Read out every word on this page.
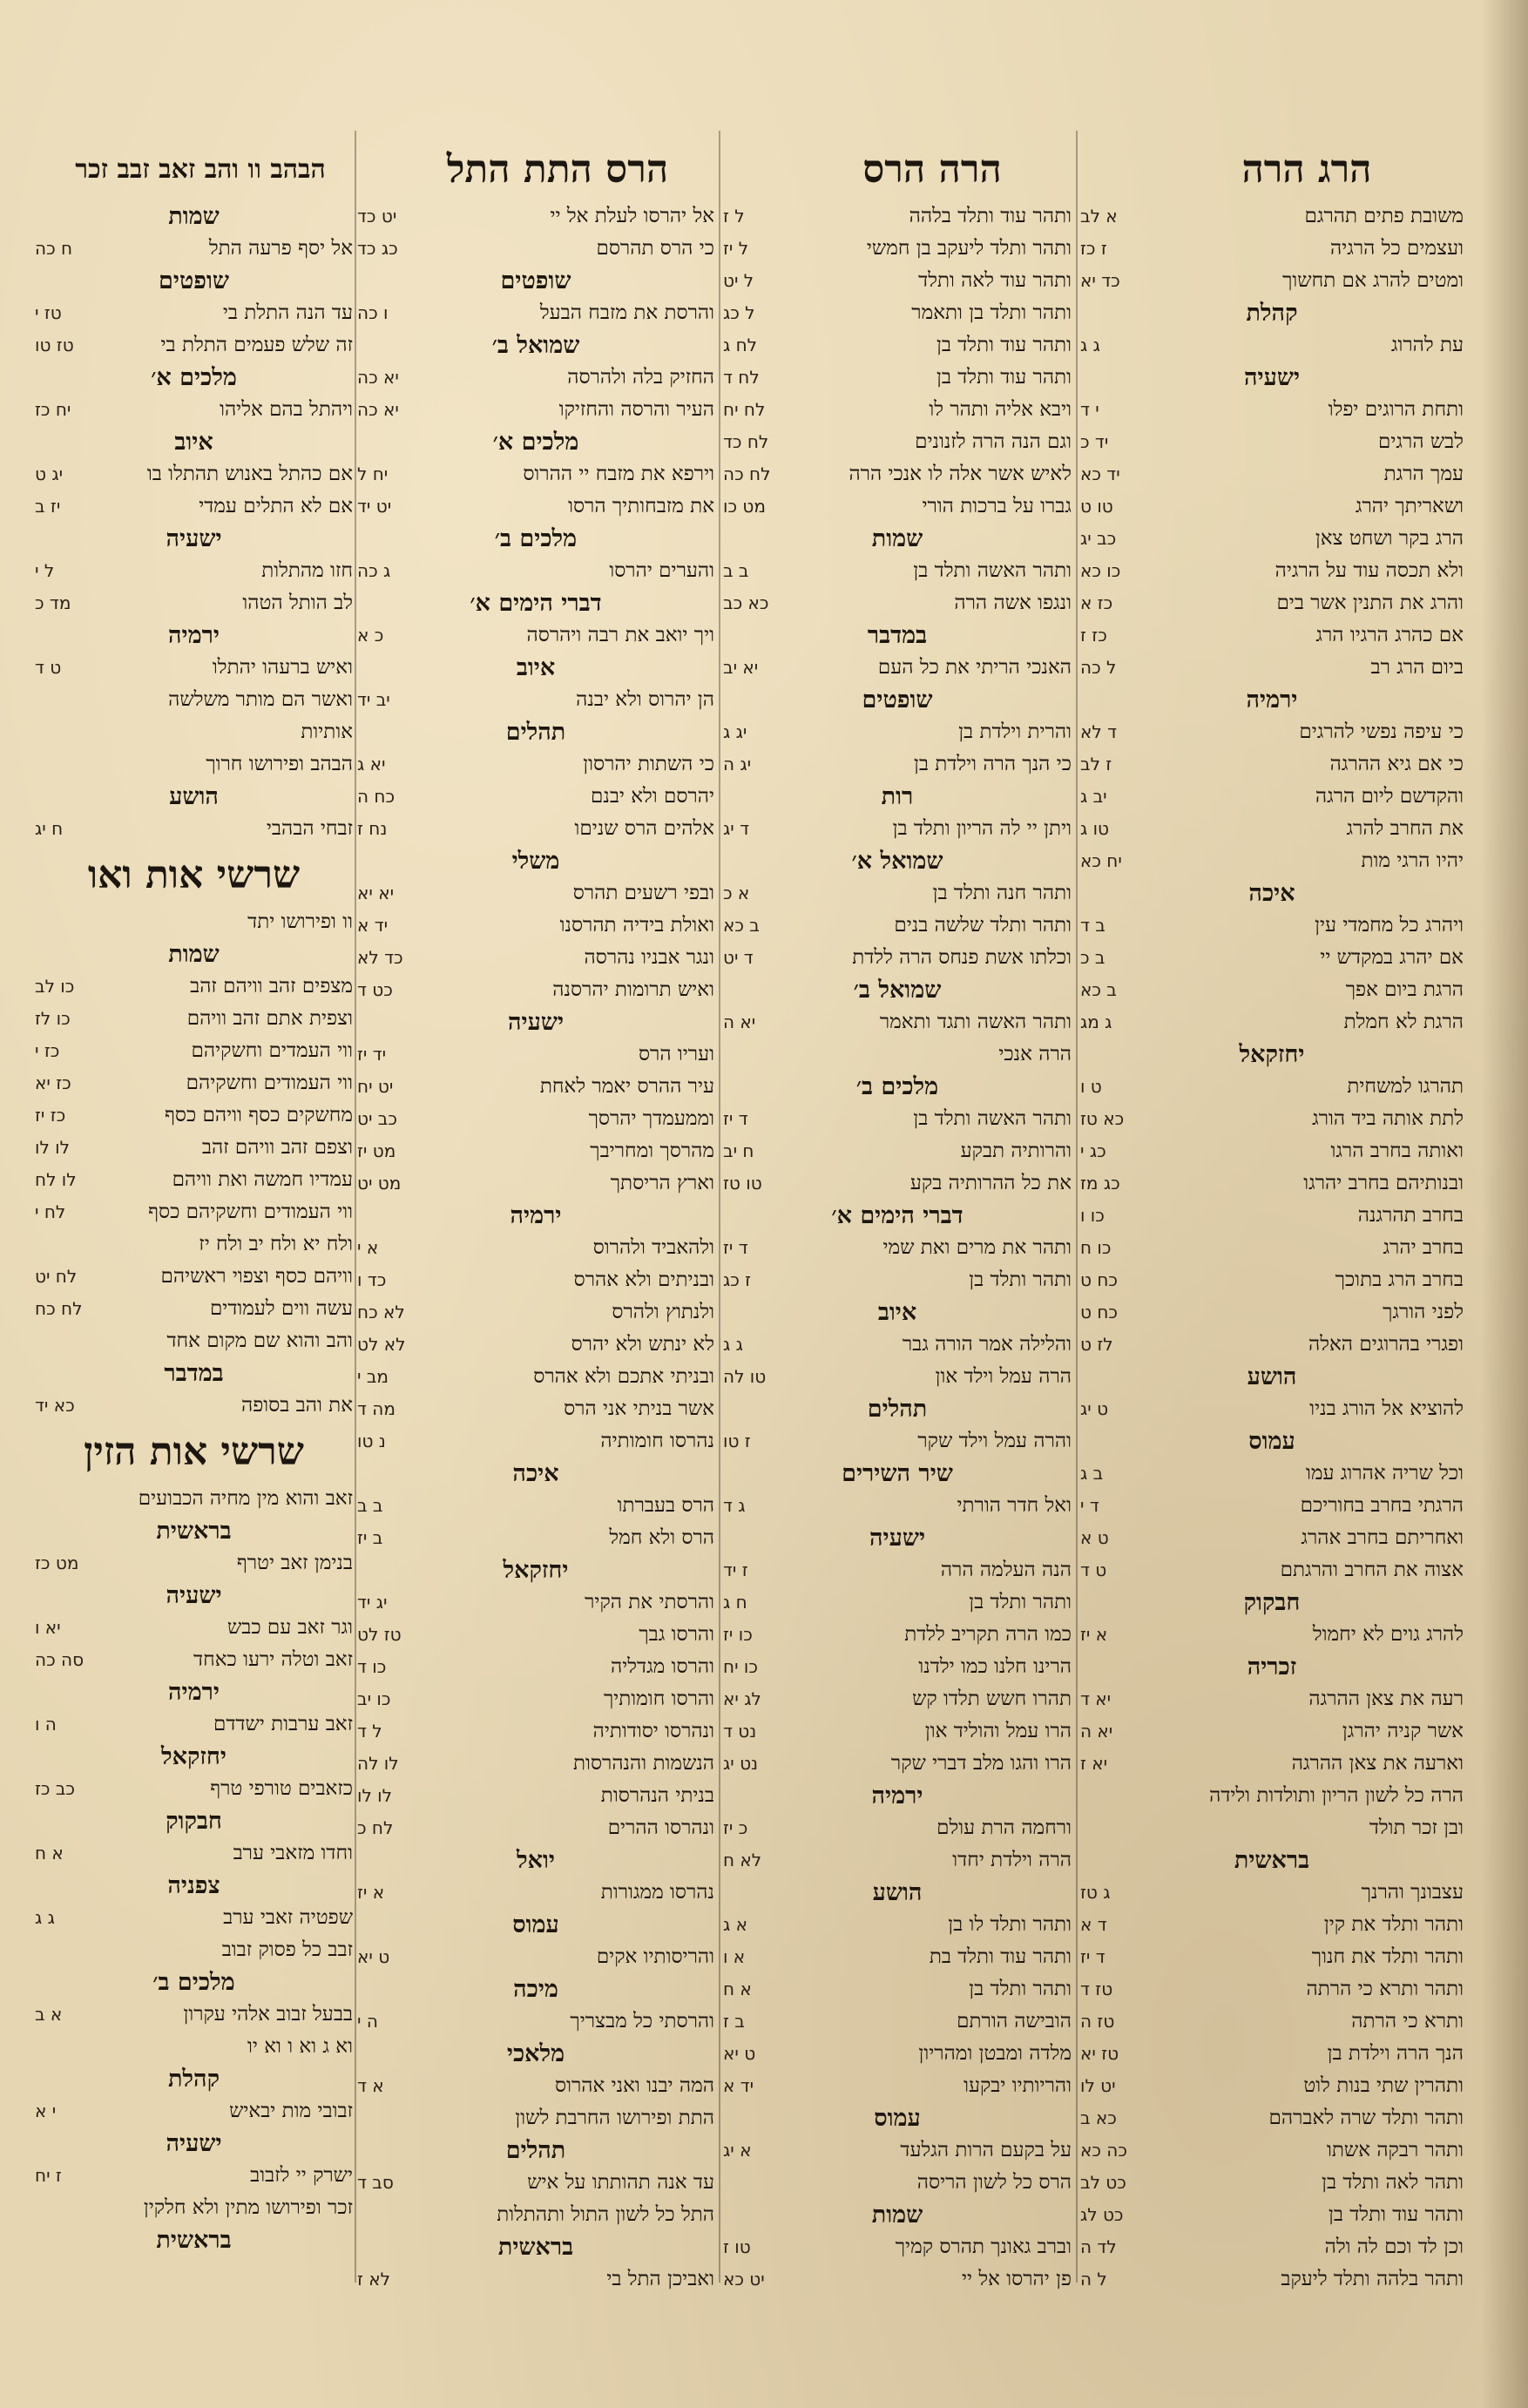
הרג הרה
הרה הרס
הרס התת התל
הבהב וו והב זאב זבב זכר
משובת פתים תהרגם
א לב
ועצמים כל הרגיה
ז כז
ומטים להרג אם תחשוך
כד יא
קהלת
עת להרוג
ג ג
ישעיה
ותחת הרוגים יפלו
י ד
לבש הרגים
יד כ
עמך הרגת
יד כא
ושאריתך יהרג
טו ט
הרג בקר ושחט צאן
כב יג
ולא תכסה עוד על הרגיה
כו כא
והרג את התנין אשר בים
כז א
אם כהרג הרגיו הרג
כז ז
ביום הרג רב
ל כה
ירמיה
כי עיפה נפשי להרגים
ד לא
כי אם גיא ההרגה
ז לב
והקדשם ליום הרגה
יב ג
את החרב להרג
טו ג
יהיו הרגי מות
יח כא
איכה
ויהרג כל מחמדי עין
ב ד
אם יהרג במקדש יי
ב כ
הרגת ביום אפך
ב כא
הרגת לא חמלת
ג מג
יחזקאל
תהרגו למשחית
ט ו
לתת אותה ביד הורג
כא טז
ואותה בחרב הרגו
כג י
ובנותיהם בחרב יהרגו
כג מז
בחרב תהרגנה
כו ו
בחרב יהרג
כו ח
בחרב הרג בתוכך
כח ט
לפני הורגך
כח ט
ופגרי בהרוגים האלה
לז ט
הושע
להוציא אל הורג בניו
ט יג
עמוס
וכל שריה אהרוג עמו
ב ג
הרגתי בחרב בחוריכם
ד י
ואחריתם בחרב אהרג
ט א
אצוה את החרב והרגתם
ט ד
חבקוק
להרג גוים לא יחמול
א יז
זכריה
רעה את צאן ההרגה
יא ד
אשר קניה יהרגן
יא ה
וארעה את צאן ההרגה
יא ז
הרה כל לשון הריון ותולדות ולידה
ובן זכר תולד
בראשית
עצבונך והרנך
ג טז
ותהר ותלד את קין
ד א
ותהר ותלד את חנוך
ד יז
ותהר ותרא כי הרתה
טז ד
ותרא כי הרתה
טז ה
הנך הרה וילדת בן
טז יא
ותהרין שתי בנות לוט
יט לו
ותהר ותלד שרה לאברהם
כא ב
ותהר רבקה אשתו
כה כא
ותהר לאה ותלד בן
כט לב
ותהר עוד ותלד בן
כט לג
וכן לד וכם לה ולה
לד ה
ותהר בלהה ותלד ליעקב
ל ה
ותהר עוד ותלד בלהה
ל ז
ותהר ותלד ליעקב בן חמשי
ל יז
ותהר עוד לאה ותלד
ל יט
ותהר ותלד בן ותאמר
ל כג
ותהר עוד ותלד בן
לח ג
ותהר עוד ותלד בן
לח ד
ויבא אליה ותהר לו
לח יח
וגם הנה הרה לזנונים
לח כד
לאיש אשר אלה לו אנכי הרה
לח כה
גברו על ברכות הורי
מט כו
שמות
ותהר האשה ותלד בן
ב ב
ונגפו אשה הרה
כא כב
במדבר
האנכי הריתי את כל העם
יא יב
שופטים
והרית וילדת בן
יג ג
כי הנך הרה וילדת בן
יג ה
רות
ויתן יי לה הריון ותלד בן
ד יג
שמואל א׳
ותהר חנה ותלד בן
א כ
ותהר ותלד שלשה בנים
ב כא
וכלתו אשת פנחס הרה ללדת
ד יט
שמואל ב׳
ותהר האשה ותגד ותאמר
יא ה
הרה אנכי
מלכים ב׳
ותהר האשה ותלד בן
ד יז
והרותיה תבקע
ח יב
את כל ההרותיה בקע
טו טז
דברי הימים א׳
ותהר את מרים ואת שמי
ד יז
ותהר ותלד בן
ז כג
איוב
והלילה אמר הורה גבר
ג ג
הרה עמל וילד און
טו לה
תהלים
והרה עמל וילד שקר
ז טו
שיר השירים
ואל חדר הורתי
ג ד
ישעיה
הנה העלמה הרה
ז יד
ותהר ותלד בן
ח ג
כמו הרה תקריב ללדת
כו יז
הרינו חלנו כמו ילדנו
כו יח
תהרו חשש תלדו קש
לג יא
הרו עמל והוליד און
נט ד
הרו והגו מלב דברי שקר
נט יג
ירמיה
ורחמה הרת עולם
כ יז
הרה וילדת יחדו
לא ח
הושע
ותהר ותלד לו בן
א ג
ותהר עוד ותלד בת
א ו
ותהר ותלד בן
א ח
הובישה הורתם
ב ז
מלדה ומבטן ומהריון
ט יא
והריותיו יבקעו
יד א
עמוס
על בקעם הרות הגלעד
א יג
הרס כל לשון הריסה
שמות
וברב גאונך תהרס קמיך
טו ז
פן יהרסו אל יי
יט כא
אל יהרסו לעלת אל יי
יט כד
כי הרס תהרסם
כג כד
שופטים
והרסת את מזבח הבעל
ו כה
שמואל ב׳
החזיק בלה ולהרסה
יא כה
העיר והרסה והחזיקו
יא כה
מלכים א׳
וירפא את מזבח יי ההרוס
יח ל
את מזבחותיך הרסו
יט יד
מלכים ב׳
והערים יהרסו
ג כה
דברי הימים א׳
ויך יואב את רבה ויהרסה
כ א
איוב
הן יהרוס ולא יבנה
יב יד
תהלים
כי השתות יהרסון
יא ג
יהרסם ולא יבנם
כח ה
אלהים הרס שניםו
נח ז
משלי
ובפי רשעים תהרס
יא יא
ואולת בידיה תהרסנו
יד א
ונגר אבניו נהרסה
כד לא
ואיש תרומות יהרסנה
כט ד
ישעיה
ועריו הרס
יד יז
עיר ההרס יאמר לאחת
יט יח
וממעמדך יהרסך
כב יט
מהרסך ומחריבך
מט יז
וארץ הריסתך
מט יט
ירמיה
ולהאביד ולהרוס
א י
ובניתים ולא אהרס
כד ו
ולנתוץ ולהרס
לא כח
לא ינתש ולא יהרס
לא לט
ובניתי אתכם ולא אהרס
מב י
אשר בניתי אני הרס
מה ד
נהרסו חומותיה
נ טו
איכה
הרס בעברתו
ב ב
הרס ולא חמל
ב יז
יחזקאל
והרסתי את הקיר
יג יד
והרסו גבך
טז לט
והרסו מגדליה
כו ד
והרסו חומותיך
כו יב
ונהרסו יסודותיה
ל ד
הנשמות והנהרסות
לו לה
בניתי הנהרסות
לו לו
ונהרסו ההרים
לח כ
יואל
נהרסו ממגורות
א יז
עמוס
והריסותיו אקים
ט יא
מיכה
והרסתי כל מבצריך
ה י
מלאכי
המה יבנו ואני אהרוס
א ד
התת ופירושו החרבת לשון
תהלים
עד אנה תהותתו על איש
סב ד
התל כל לשון התול ותהתלות
בראשית
ואביכן התל בי
לא ז
שמות
אל יסף פרעה התל
ח כה
שופטים
עד הנה התלת בי
טז י
זה שלש פעמים התלת בי
טז טו
מלכים א׳
ויהתל בהם אליהו
יח כז
איוב
אם כהתל באנוש תהתלו בו
יג ט
אם לא התלים עמדי
יז ב
ישעיה
חזו מהתלות
ל י
לב הותל הטהו
מד כ
ירמיה
ואיש ברעהו יהתלו
ט ד
ואשר הם מותר משלשה
אותיות
הבהב ופירושו חרוך
הושע
זבחי הבהבי
ח יג
שרשי אות ואו
וו ופירושו יתד
שמות
מצפים זהב וויהם זהב
כו לב
וצפית אתם זהב וויהם
כו לז
ווי העמדים וחשקיהם
כז י
ווי העמודים וחשקיהם
כז יא
מחשקים כסף וויהם כסף
כז יז
וצפם זהב וויהם זהב
לו לו
עמדיו חמשה ואת וויהם
לו לח
ווי העמודים וחשקיהם כסף
לח י
ולח יא ולח יב ולח יז
וויהם כסף וצפוי ראשיהם
לח יט
עשה ווים לעמודים
לח כח
והב והוא שם מקום אחד
במדבר
את והב בסופה
כא יד
שרשי אות הזין
זאב והוא מין מחיה הכבועים
בראשית
בנימן זאב יטרף
מט כז
ישעיה
וגר זאב עם כבש
יא ו
זאב וטלה ירעו כאחד
סה כה
ירמיה
זאב ערבות ישדדם
ה ו
יחזקאל
כזאבים טורפי טרף
כב כז
חבקוק
וחדו מזאבי ערב
א ח
צפניה
שפטיה זאבי ערב
ג ג
זבב כל פסוק זבוב
מלכים ב׳
בבעל זבוב אלהי עקרון
א ב
וא ג וא ו וא יו
קהלת
זבובי מות יבאיש
י א
ישעיה
ישרק יי לזבוב
ז יח
זכר ופירושו מתין ולא חלקין
בראשית
